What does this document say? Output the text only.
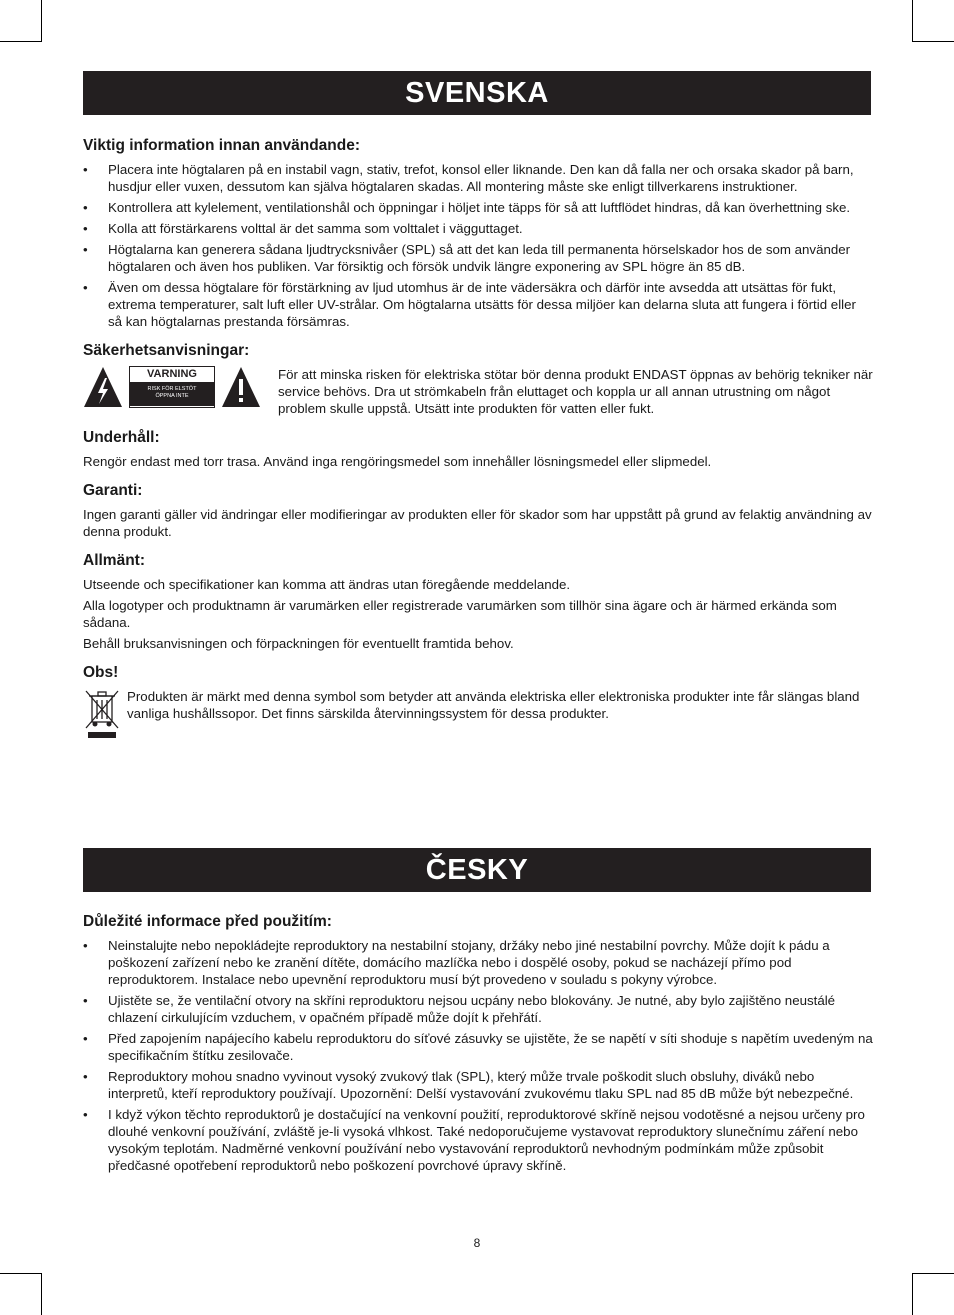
SVENSKA
Viktig information innan användande:
• Placera inte högtalaren på en instabil vagn, stativ, trefot, konsol eller liknande. Den kan då falla ner och orsaka skador på barn, husdjur eller vuxen, dessutom kan själva högtalaren skadas. All montering måste ske enligt tillverkarens instruktioner.
• Kontrollera att kylelement, ventilationshål och öppningar i höljet inte täpps för så att luftflödet hindras, då kan överhettning ske.
• Kolla att förstärkarens volttal är det samma som volttalet i vägguttaget.
• Högtalarna kan generera sådana ljudtrycksnivåer (SPL) så att det kan leda till permanenta hörselskador hos de som använder högtalaren och även hos publiken. Var försiktig och försök undvik längre exponering av SPL högre än 85 dB.
• Även om dessa högtalare för förstärkning av ljud utomhus är de inte vädersäkra och därför inte avsedda att utsättas för fukt, extrema temperaturer, salt luft eller UV-strålar. Om högtalarna utsätts för dessa miljöer kan delarna sluta att fungera i förtid eller så kan högtalarnas prestanda försämras.
Säkerhetsanvisningar:
VARNING
RISK FÖR ELSTÖT
ÖPPNA INTE
För att minska risken för elektriska stötar bör denna produkt ENDAST öppnas av behörig tekniker när service behövs. Dra ut strömkabeln från eluttaget och koppla ur all annan utrustning om något problem skulle uppstå. Utsätt inte produkten för vatten eller fukt.
Underhåll:

Rengör endast med torr trasa. Använd inga rengöringsmedel som innehåller lösningsmedel eller slipmedel.

Garanti:

Ingen garanti gäller vid ändringar eller modifieringar av produkten eller för skador som har uppstått på grund av felaktig användning av denna produkt.

Allmänt:

Utseende och specifikationer kan komma att ändras utan föregående meddelande.

Alla logotyper och produktnamn är varumärken eller registrerade varumärken som tillhör sina ägare och är härmed erkända som sådana.

Behåll bruksanvisningen och förpackningen för eventuellt framtida behov.

Obs!

Produkten är märkt med denna symbol som betyder att använda elektriska eller elektroniska produkter inte får slängas bland vanliga hushållssopor. Det finns särskilda återvinningssystem för dessa produkter.

ČESKY
Důležité informace před použitím:
• Neinstalujte nebo nepokládejte reproduktory na nestabilní stojany, držáky nebo jiné nestabilní povrchy. Může dojít k pádu a poškození zařízení nebo ke zranění dítěte, domácího mazlíčka nebo i dospělé osoby, pokud se nacházejí přímo pod reproduktorem. Instalace nebo upevnění reproduktoru musí být provedeno v souladu s pokyny výrobce.
• Ujistěte se, že ventilační otvory na skříni reproduktoru nejsou ucpány nebo blokovány. Je nutné, aby bylo zajištěno neustálé chlazení cirkulujícím vzduchem, v opačném případě může dojít k přehřátí.
• Před zapojením napájecího kabelu reproduktoru do síťové zásuvky se ujistěte, že se napětí v síti shoduje s napětím uvedeným na specifikačním štítku zesilovače.
• Reproduktory mohou snadno vyvinout vysoký zvukový tlak (SPL), který může trvale poškodit sluch obsluhy, diváků nebo interpretů, kteří reproduktory používají. Upozornění: Delší vystavování zvukovému tlaku SPL nad 85 dB může být nebezpečné.
• I když výkon těchto reproduktorů je dostačující na venkovní použití, reproduktorové skříně nejsou vodotěsné a nejsou určeny pro dlouhé venkovní používání, zvláště je-li vysoká vlhkost. Také nedoporučujeme vystavovat reproduktory slunečnímu záření nebo vysokým teplotám. Nadměrné venkovní používání nebo vystavování reproduktorů nevhodným podmínkám může způsobit předčasné opotřebení reproduktorů nebo poškození povrchové úpravy skříně.
8
